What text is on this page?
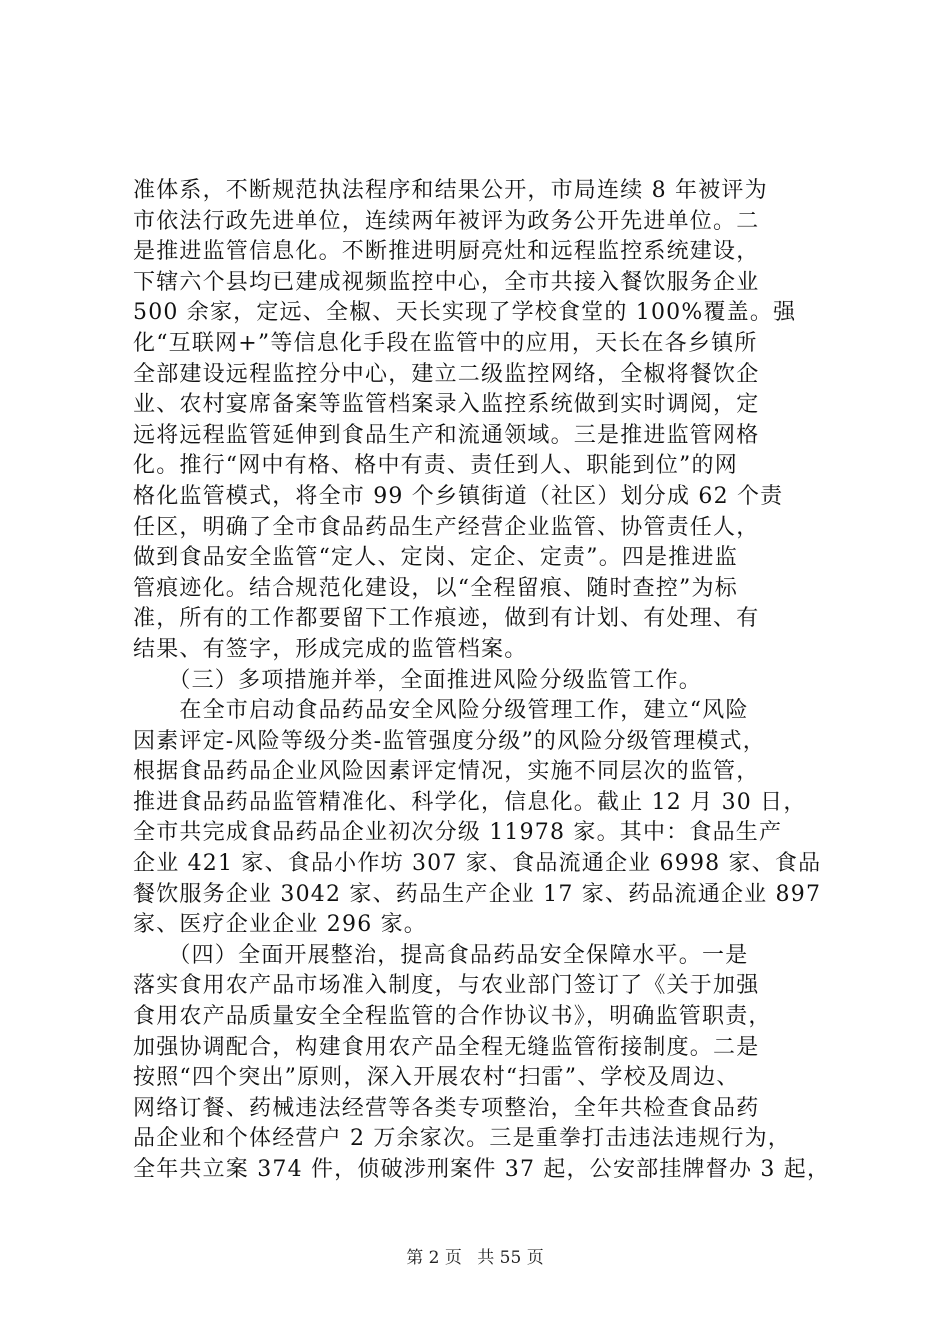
准体系，不断规范执法程序和结果公开，市局连续 8 年被评为
市依法行政先进单位，连续两年被评为政务公开先进单位。二
是推进监管信息化。不断推进明厨亮灶和远程监控系统建设，
下辖六个县均已建成视频监控中心，全市共接入餐饮服务企业
500 余家，定远、全椒、天长实现了学校食堂的 100%覆盖。强
化“互联网+”等信息化手段在监管中的应用，天长在各乡镇所
全部建设远程监控分中心，建立二级监控网络，全椒将餐饮企
业、农村宴席备案等监管档案录入监控系统做到实时调阅，定
远将远程监管延伸到食品生产和流通领域。三是推进监管网格
化。推行“网中有格、格中有责、责任到人、职能到位”的网
格化监管模式，将全市 99 个乡镇街道（社区）划分成 62 个责
任区，明确了全市食品药品生产经营企业监管、协管责任人，
做到食品安全监管“定人、定岗、定企、定责”。四是推进监
管痕迹化。结合规范化建设，以“全程留痕、随时查控”为标
准，所有的工作都要留下工作痕迹，做到有计划、有处理、有
结果、有签字，形成完成的监管档案。
　　（三）多项措施并举，全面推进风险分级监管工作。
　　在全市启动食品药品安全风险分级管理工作，建立“风险
因素评定-风险等级分类-监管强度分级”的风险分级管理模式，
根据食品药品企业风险因素评定情况，实施不同层次的监管，
推进食品药品监管精准化、科学化，信息化。截止 12 月 30 日，
全市共完成食品药品企业初次分级 11978 家。其中：食品生产
企业 421 家、食品小作坊 307 家、食品流通企业 6998 家、食品
餐饮服务企业 3042 家、药品生产企业 17 家、药品流通企业 897
家、医疗企业企业 296 家。
　　（四）全面开展整治，提高食品药品安全保障水平。一是
落实食用农产品市场准入制度，与农业部门签订了《关于加强
食用农产品质量安全全程监管的合作协议书》，明确监管职责，
加强协调配合，构建食用农产品全程无缝监管衔接制度。二是
按照“四个突出”原则，深入开展农村“扫雷”、学校及周边、
网络订餐、药械违法经营等各类专项整治，全年共检查食品药
品企业和个体经营户 2 万余家次。三是重拳打击违法违规行为，
全年共立案 374 件，侦破涉刑案件 37 起，公安部挂牌督办 3 起，
第 2 页 共 55 页
